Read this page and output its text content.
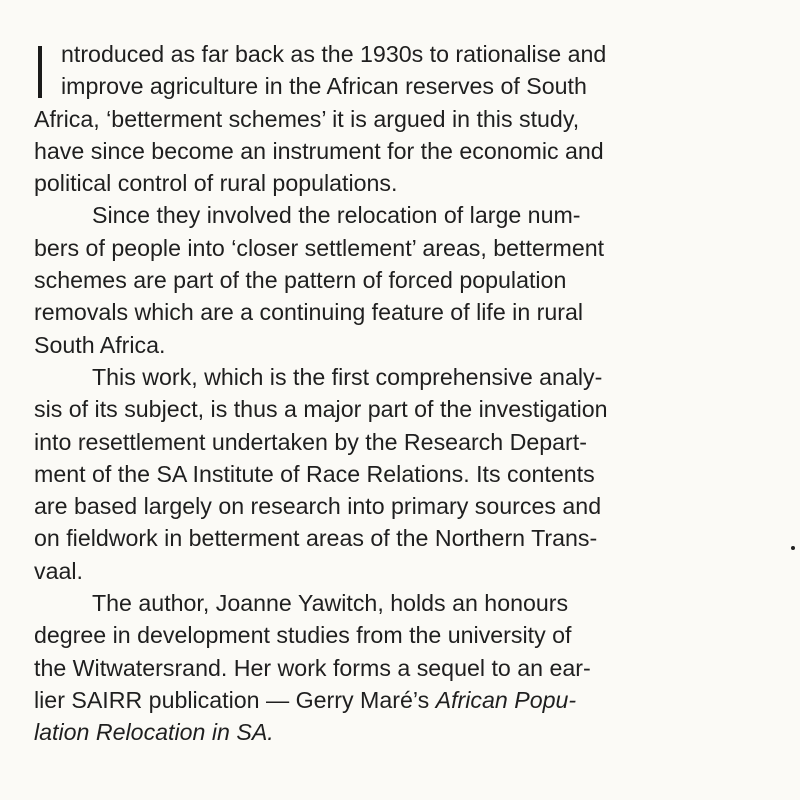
ntroduced as far back as the 1930s to rationalise and
improve agriculture in the African reserves of South
Africa, ‘betterment schemes’ it is argued in this study,
have since become an instrument for the economic and
political control of rural populations.
Since they involved the relocation of large num-
bers of people into ‘closer settlement’ areas, betterment
schemes are part of the pattern of forced population
removals which are a continuing feature of life in rural
South Africa.
This work, which is the first comprehensive analy-
sis of its subject, is thus a major part of the investigation
into resettlement undertaken by the Research Depart-
ment of the SA Institute of Race Relations. Its contents
are based largely on research into primary sources and
on fieldwork in betterment areas of the Northern Trans-
vaal.
The author, Joanne Yawitch, holds an honours
degree in development studies from the university of
the Witwatersrand. Her work forms a sequel to an ear-
lier SAIRR publication — Gerry Maré’s African Popu-
lation Relocation in SA.
